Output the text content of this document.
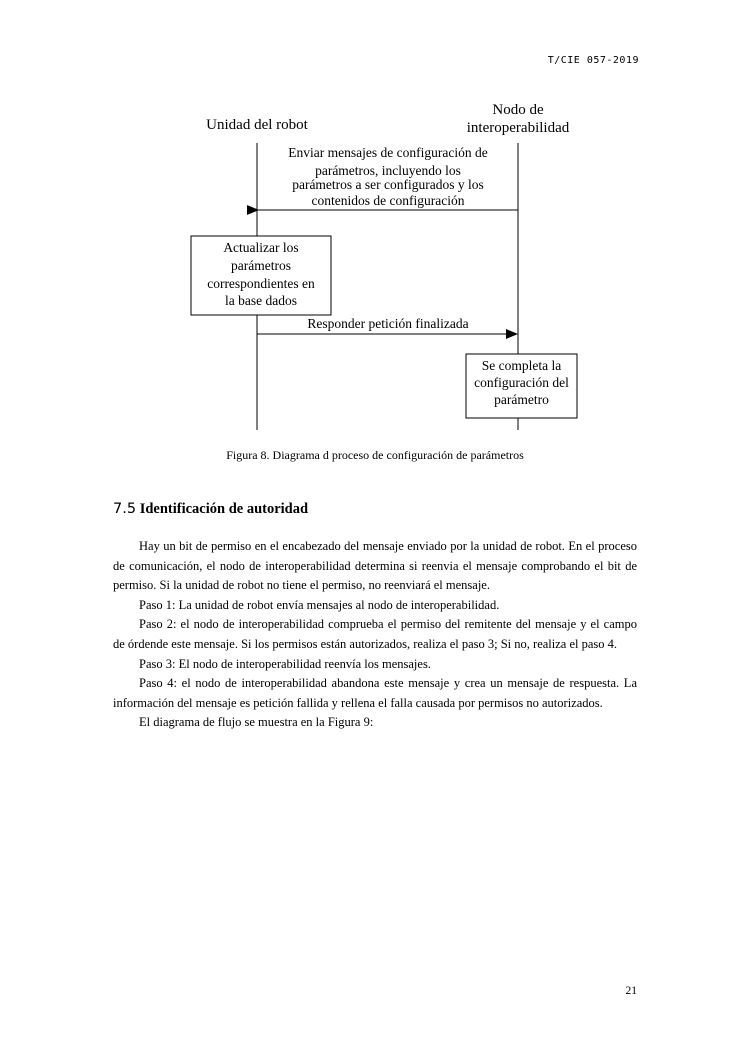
T/CIE 057-2019
Unidad del robot
Nodo de
interoperabilidad
Enviar mensajes de configuración de
parámetros, incluyendo los
parámetros a ser configurados y los
contenidos de configuración
Actualizar los
parámetros
correspondientes en
la base dados
Responder petición finalizada
Se completa la
configuración del
parámetro
Figura 8. Diagrama d proceso de configuración de parámetros
7.5 Identificación de autoridad

Hay un bit de permiso en el encabezado del mensaje enviado por la unidad de robot. En el proceso de comunicación, el nodo de interoperabilidad determina si reenvia el mensaje comprobando el bit de permiso. Si la unidad de robot no tiene el permiso, no reenviará el mensaje.

Paso 1: La unidad de robot envía mensajes al nodo de interoperabilidad.

Paso 2: el nodo de interoperabilidad comprueba el permiso del remitente del mensaje y el campo de órdende este mensaje. Si los permisos están autorizados, realiza el paso 3; Si no, realiza el paso 4.

Paso 3: El nodo de interoperabilidad reenvía los mensajes.

Paso 4: el nodo de interoperabilidad abandona este mensaje y crea un mensaje de respuesta. La información del mensaje es petición fallida y rellena el falla causada por permisos no autorizados.

El diagrama de flujo se muestra en la Figura 9:

21
